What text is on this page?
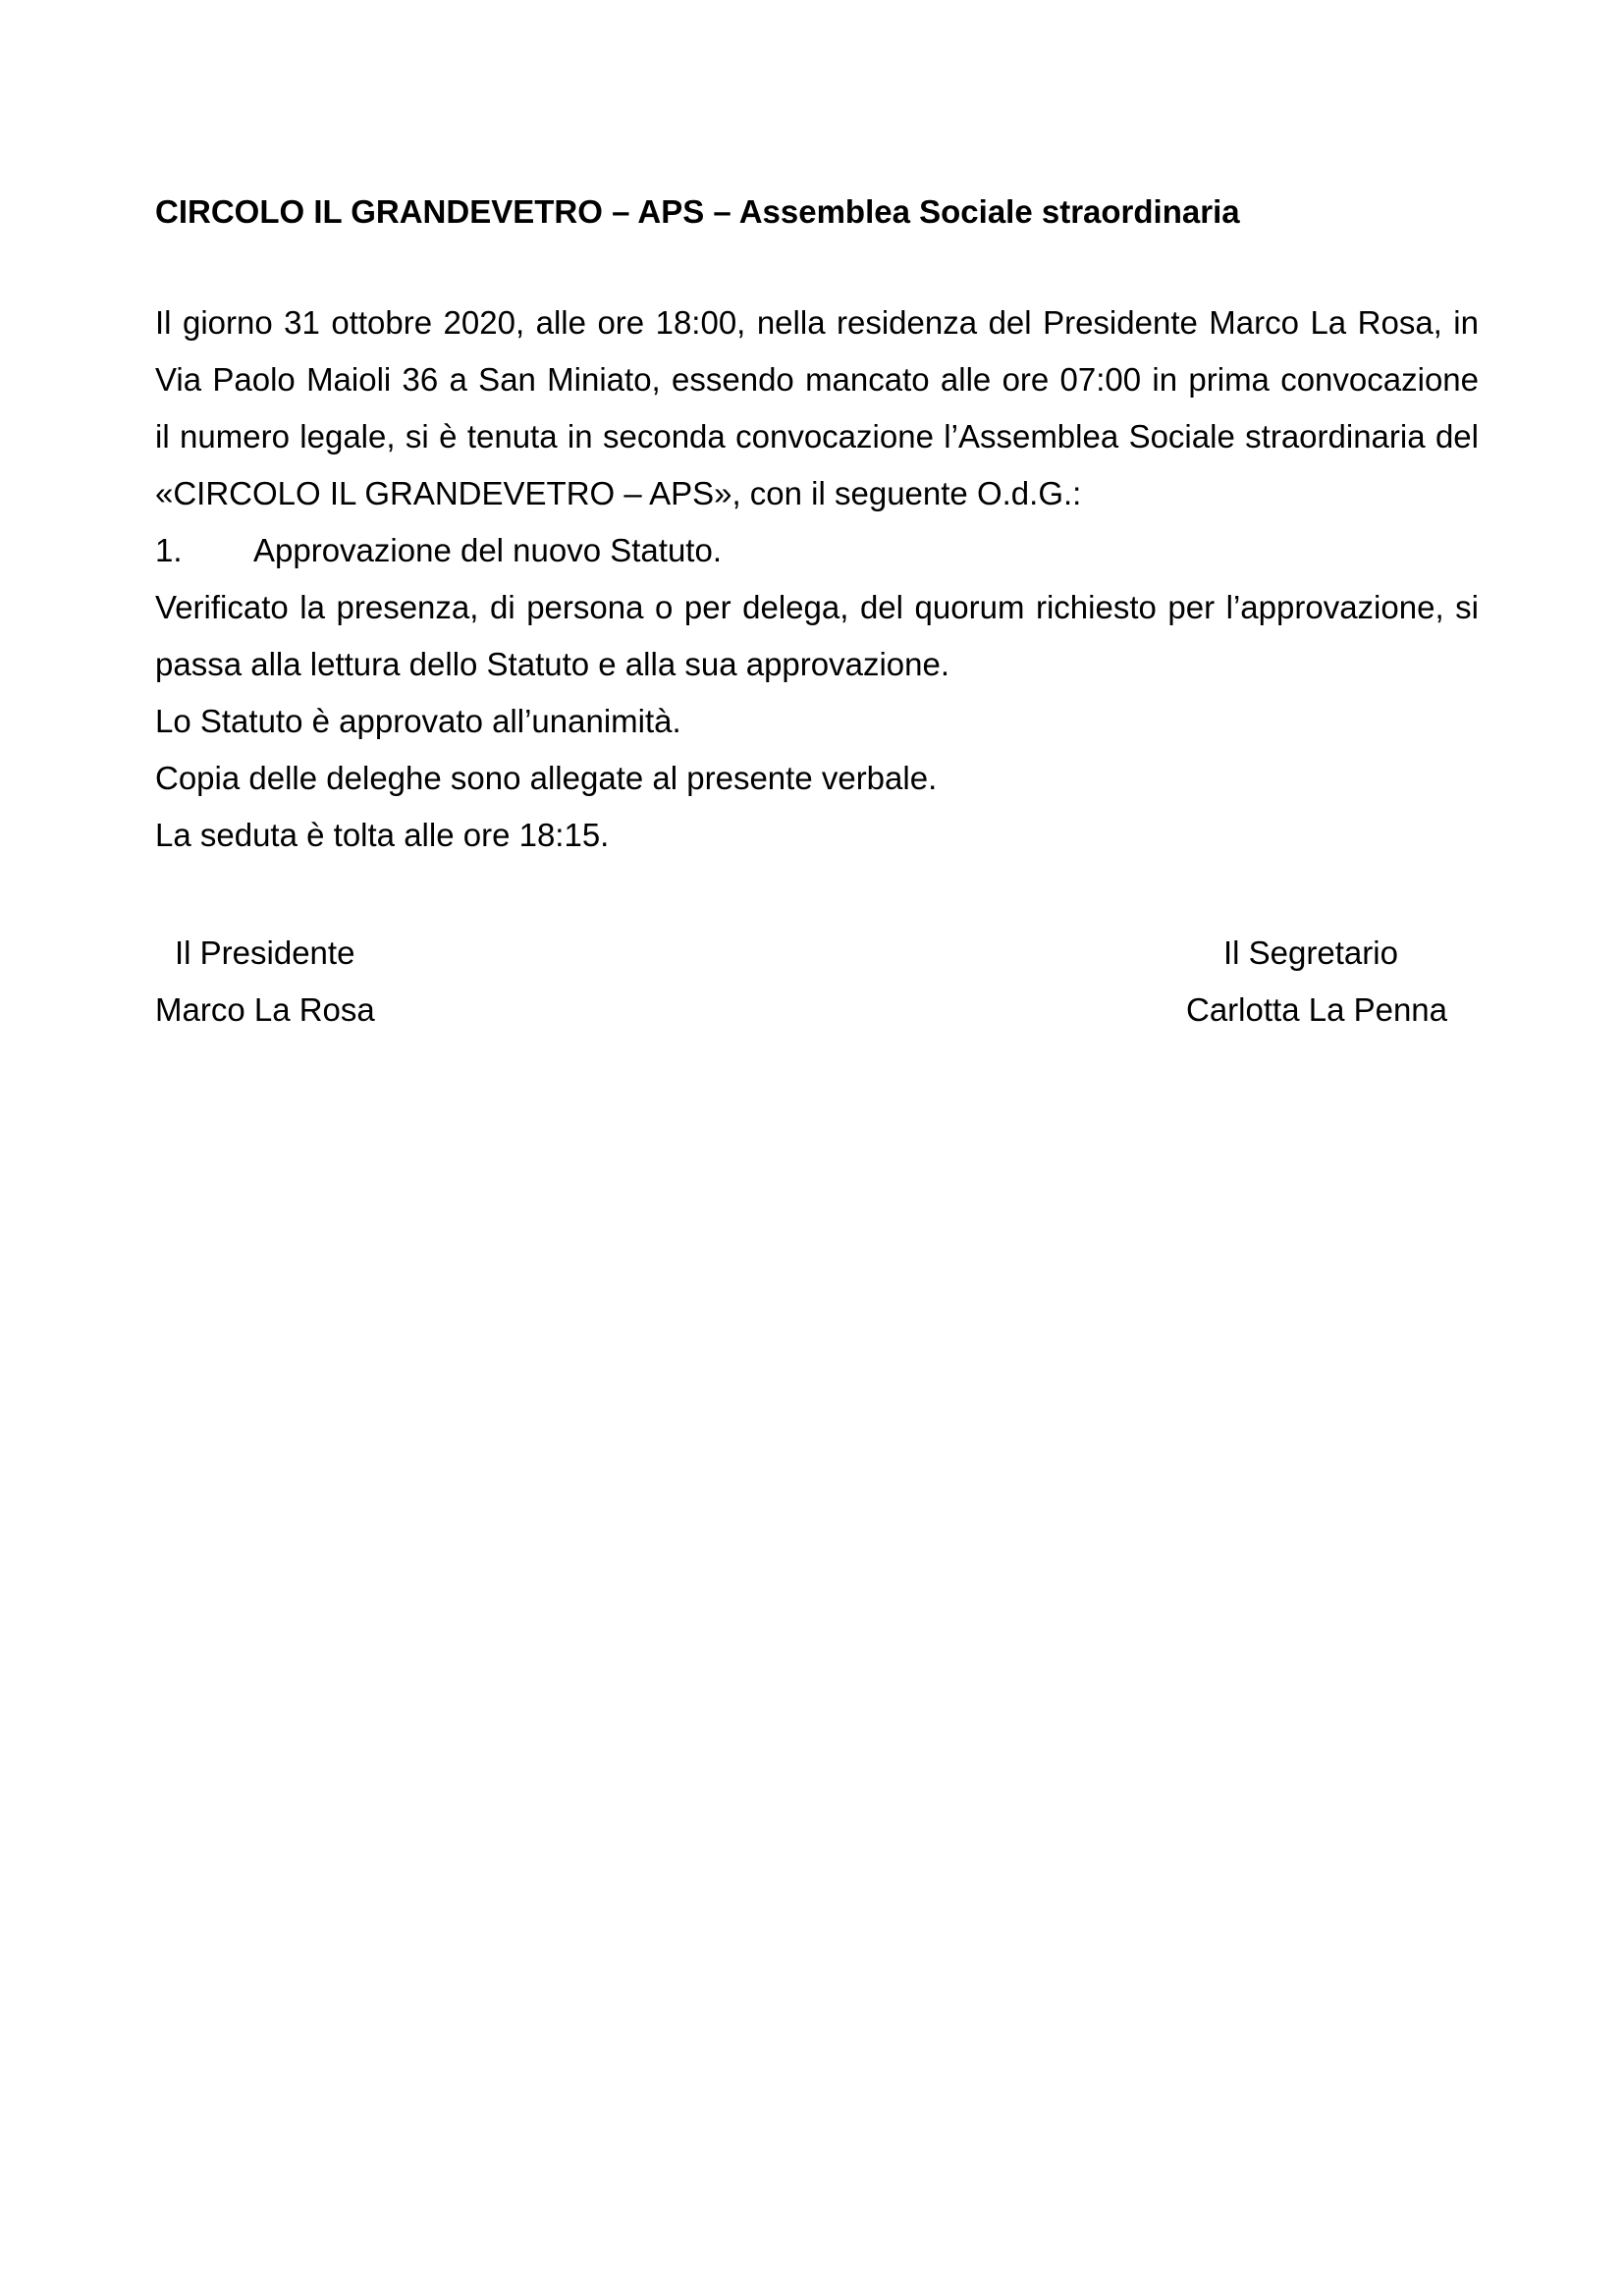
CIRCOLO IL GRANDEVETRO – APS – Assemblea Sociale straordinaria
Il giorno 31 ottobre 2020, alle ore 18:00, nella residenza del Presidente Marco La Rosa, in
Via Paolo Maioli 36 a San Miniato, essendo mancato alle ore 07:00 in prima convocazione
il numero legale, si è tenuta in seconda convocazione l’Assemblea Sociale straordinaria del
«CIRCOLO IL GRANDEVETRO – APS», con il seguente O.d.G.:
1. Approvazione del nuovo Statuto.
Verificato la presenza, di persona o per delega, del quorum richiesto per l’approvazione, si
passa alla lettura dello Statuto e alla sua approvazione.
Lo Statuto è approvato all’unanimità.
Copia delle deleghe sono allegate al presente verbale.
La seduta è tolta alle ore 18:15.
Il Presidente
Marco La Rosa
Il Segretario
Carlotta La Penna
